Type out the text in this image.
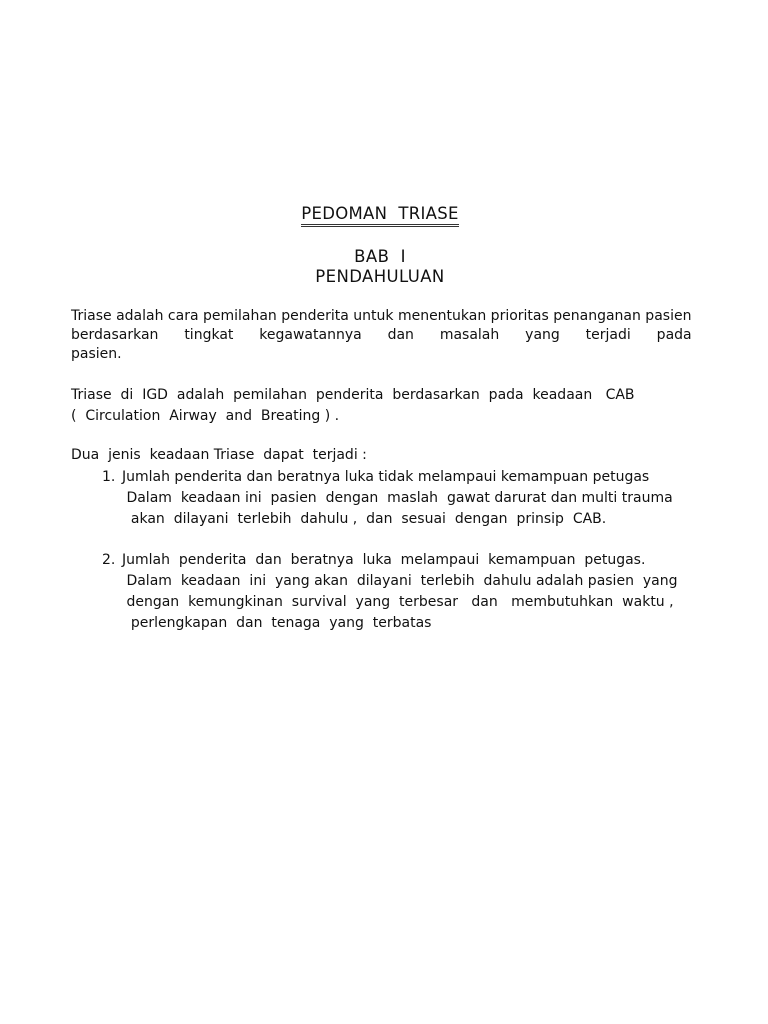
PEDOMAN  TRIASE
BAB  I
PENDAHULUAN
Triase adalah cara pemilahan penderita untuk menentukan prioritas penanganan pasien
berdasarkan  tingkat  kegawatannya  dan  masalah  yang  terjadi  pada
pasien.
Triase  di  IGD  adalah  pemilahan  penderita  berdasarkan  pada  keadaan   CAB
(  Circulation  Airway  and  Breating ) .
Dua  jenis  keadaan Triase  dapat  terjadi :
1. Jumlah penderita dan beratnya luka tidak melampaui kemampuan petugas
Dalam  keadaan ini  pasien  dengan  maslah  gawat darurat dan multi trauma
akan  dilayani  terlebih  dahulu ,  dan  sesuai  dengan  prinsip  CAB.
2. Jumlah  penderita  dan  beratnya  luka  melampaui  kemampuan  petugas.
Dalam  keadaan  ini  yang akan  dilayani  terlebih  dahulu adalah pasien  yang
dengan  kemungkinan  survival  yang  terbesar   dan   membutuhkan  waktu ,
perlengkapan  dan  tenaga  yang  terbatas
